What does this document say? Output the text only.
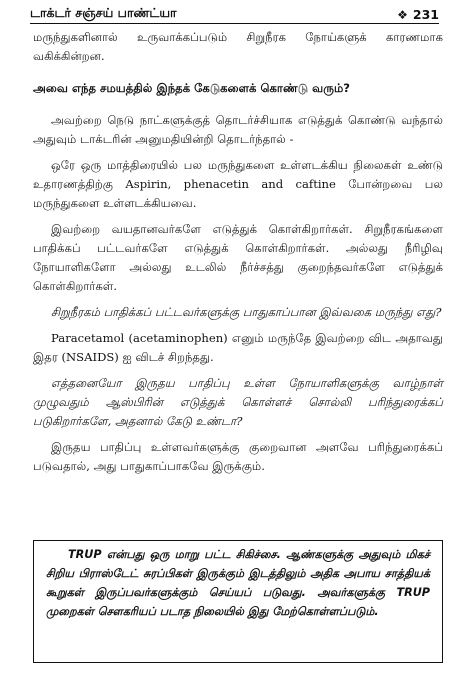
டாக்டர் சஞ்சய் பாண்ட்யா	❖ 231

மருந்துகளினால் உருவாக்கப்படும் சிறுநீரக நோய்களுக் காரணமாக வகிக்கின்றன.

அவை எந்த சமயத்தில் இந்தக் கேடுகளைக் கொண்டு வரும்?

அவற்றை நெடு நாட்களுக்குத் தொடர்ச்சியாக எடுத்துக் கொண்டு வந்தால் அதுவும் டாக்டரின் அனுமதியின்றி தொடர்ந்தால் -

ஒரே ஒரு மாத்திரையில் பல மருந்துகளை உள்ளடக்கிய நிலைகள் உண்டு உதாரணத்திற்கு Aspirin, phenacetin and caftine போன்றவை பல மருந்துகளை உள்ளடக்கியவை.

இவற்றை வயதானவர்களே எடுத்துக் கொள்கிறார்கள். சிறுநீரகங்களை பாதிக்கப் பட்டவர்களே எடுத்துக் கொள்கிறார்கள். அல்லது நீரிழிவு நோயாளிகளோ அல்லது உடலில் நீர்ச்சத்து குறைந்தவர்களே எடுத்துக் கொள்கிறார்கள்.

சிறுநீரகம் பாதிக்கப் பட்டவர்களுக்கு பாதுகாப்பான இவ்வகை மருந்து எது?

Paracetamol (acetaminophen) எனும் மருந்தே இவற்றை விட அதாவது இதர (NSAIDS) ஐ விடச் சிறந்தது.

எத்தனையோ இருதய பாதிப்பு உள்ள நோயாளிகளுக்கு வாழ்நாள் முழுவதும் ஆஸ்பிரின் எடுத்துக் கொள்ளச் சொல்லி பரிந்துரைக்கப் படுகிறார்களே, அதனால் கேடு உண்டா?

இருதய பாதிப்பு உள்ளவர்களுக்கு குறைவான அளவே பரிந்துரைக்கப் படுவதால், அது பாதுகாப்பாகவே இருக்கும்.

TRUP என்பது ஒரு மாறு பட்ட சிகிச்சை. ஆண்களுக்கு அதுவும் மிகச் சிறிய பிராஸ்டேட் சுரப்பிகள் இருக்கும் இடத்திலும் அதிக அபாய சாத்தியக் கூறுகள் இருப்பவர்களுக்கும் செய்யப் படுவது. அவர்களுக்கு TRUP முறைகள் சௌகரியப் படாத நிலையில் இது மேற்கொள்ளப்படும்.
